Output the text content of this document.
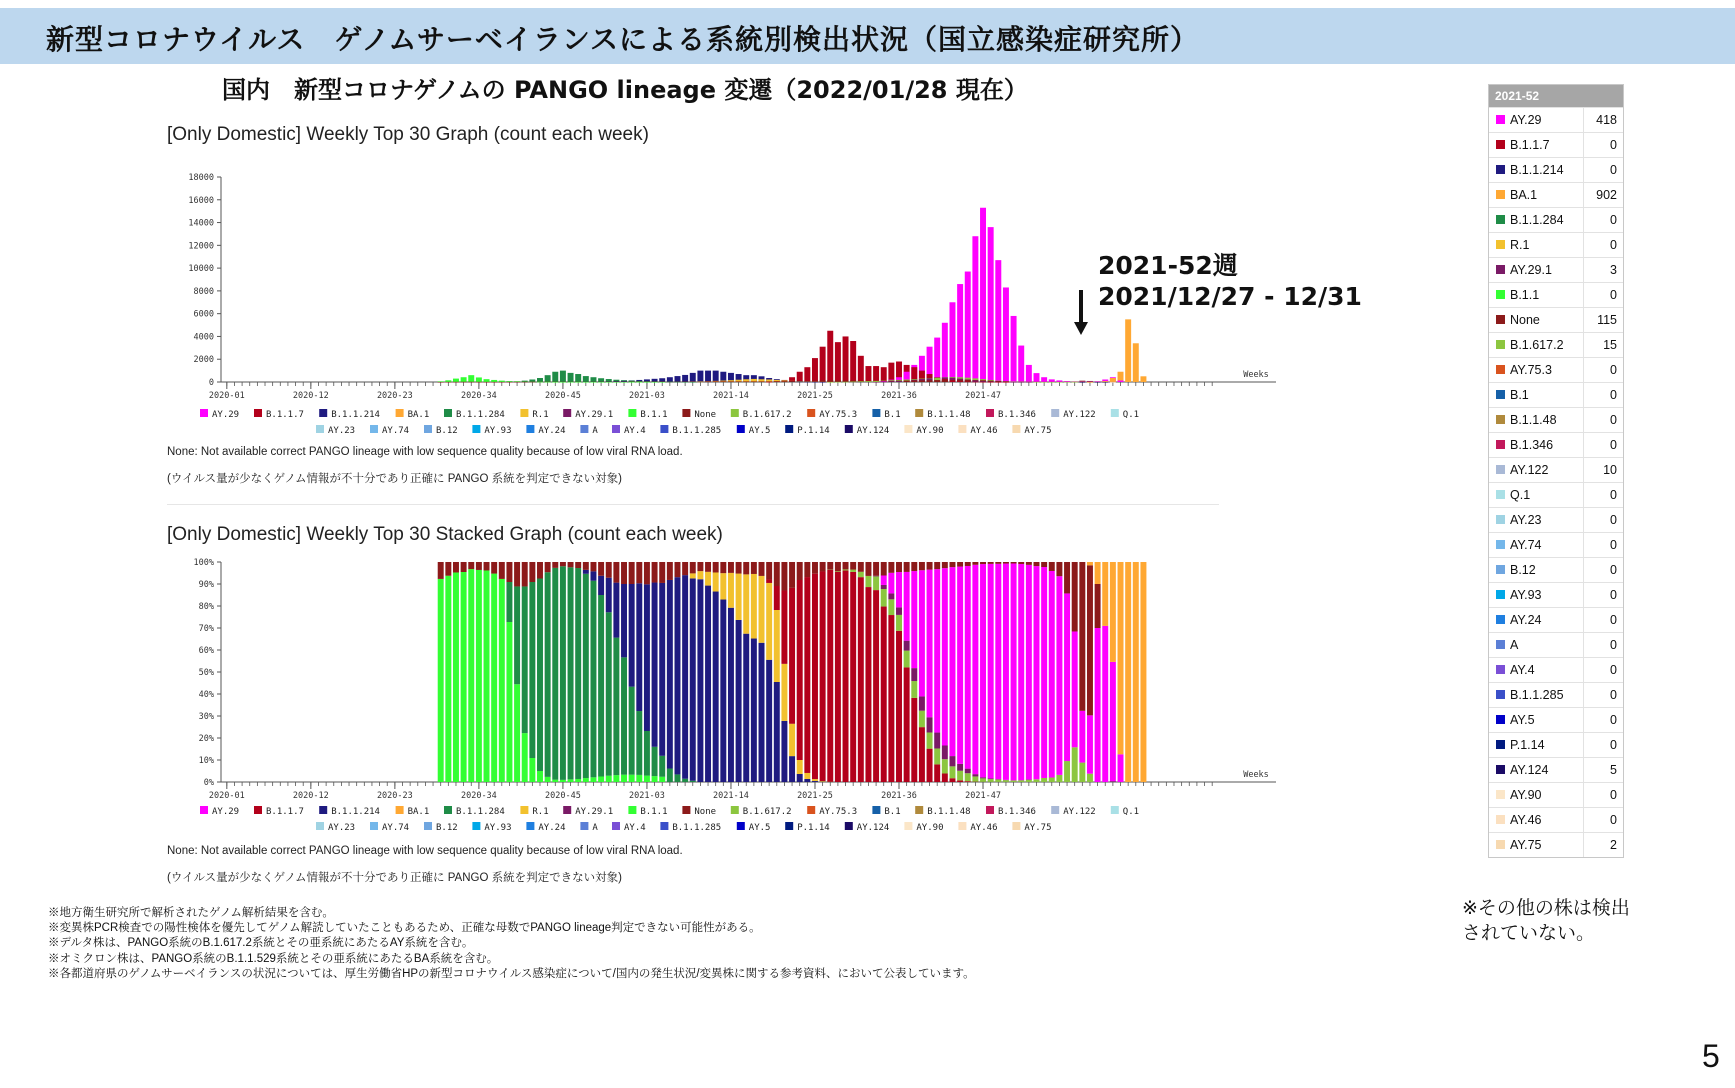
新型コロナウイルス　ゲノムサーベイランスによる系統別検出状況（国立感染症研究所）
国内　新型コロナゲノムの PANGO lineage 変遷（2022/01/28 現在）
[Only Domestic] Weekly Top 30 Graph (count each week)
0
2000
4000
6000
8000
10000
12000
14000
16000
18000
2020-01	2020-12	2020-23	2020-34	2020-45	2021-03	2021-14	2021-25	2021-36	2021-47
Weeks
AY.29	B.1.1.7	B.1.1.214	BA.1	B.1.1.284	R.1	AY.29.1	B.1.1	None	B.1.617.2	AY.75.3	B.1	B.1.1.48	B.1.346	AY.122	Q.1
AY.23	AY.74	B.12	AY.93	AY.24	A	AY.4	B.1.1.285	AY.5	P.1.14	AY.124	AY.90	AY.46	AY.75
None: Not available correct PANGO lineage with low sequence quality because of low viral RNA load.
(ウイルス量が少なくゲノム情報が不十分であり正確に PANGO 系統を判定できない対象)
[Only Domestic] Weekly Top 30 Stacked Graph (count each week)
0%
10%
20%
30%
40%
50%
60%
70%
80%
90%
100%
2020-01	2020-12	2020-23	2020-34	2020-45	2021-03	2021-14	2021-25	2021-36	2021-47
Weeks
AY.29	B.1.1.7	B.1.1.214	BA.1	B.1.1.284	R.1	AY.29.1	B.1.1	None	B.1.617.2	AY.75.3	B.1	B.1.1.48	B.1.346	AY.122	Q.1
AY.23	AY.74	B.12	AY.93	AY.24	A	AY.4	B.1.1.285	AY.5	P.1.14	AY.124	AY.90	AY.46	AY.75
None: Not available correct PANGO lineage with low sequence quality because of low viral RNA load.
(ウイルス量が少なくゲノム情報が不十分であり正確に PANGO 系統を判定できない対象)
2021-52週
2021/12/27 - 12/31
2021-52
AY.29	418
B.1.1.7	0
B.1.1.214	0
BA.1	902
B.1.1.284	0
R.1	0
AY.29.1	3
B.1.1	0
None	115
B.1.617.2	15
AY.75.3	0
B.1	0
B.1.1.48	0
B.1.346	0
AY.122	10
Q.1	0
AY.23	0
AY.74	0
B.12	0
AY.93	0
AY.24	0
A	0
AY.4	0
B.1.1.285	0
AY.5	0
P.1.14	0
AY.124	5
AY.90	0
AY.46	0
AY.75	2
※その他の株は検出されていない。
※地方衛生研究所で解析されたゲノム解析結果を含む。
※変異株PCR検査での陽性検体を優先してゲノム解読していたこともあるため、正確な母数でPANGO lineage判定できない可能性がある。
※デルタ株は、PANGO系統のB.1.617.2系統とその亜系統にあたるAY系統を含む。
※オミクロン株は、PANGO系統のB.1.1.529系統とその亜系統にあたるBA系統を含む。
※各都道府県のゲノムサーベイランスの状況については、厚生労働省HPの新型コロナウイルス感染症について/国内の発生状況/変異株に関する参考資料、において公表しています。
5
